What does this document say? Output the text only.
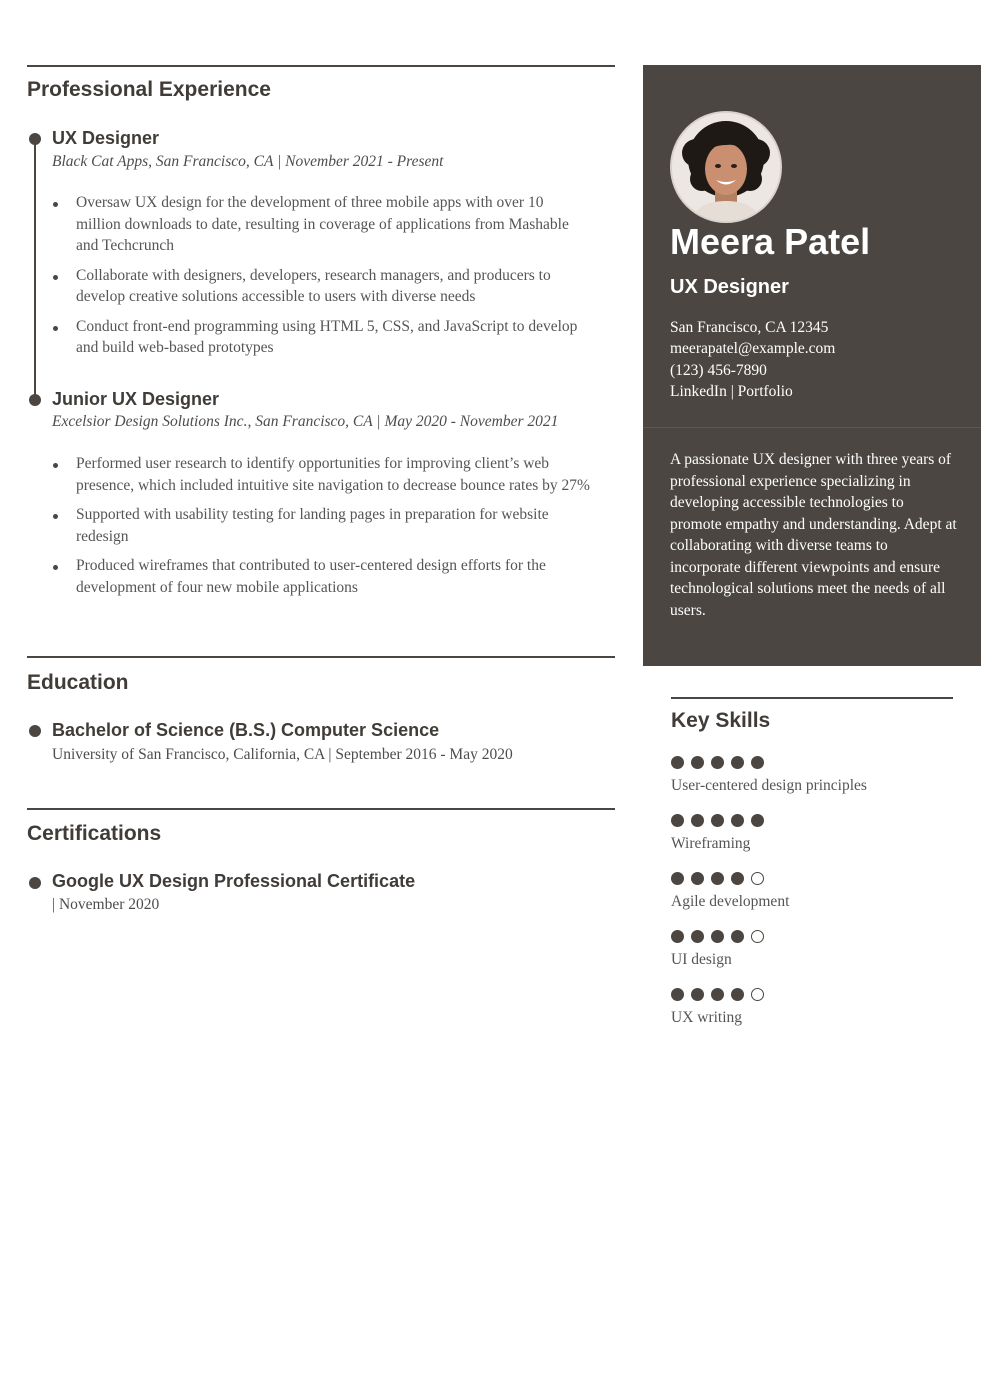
Professional Experience
UX Designer

Black Cat Apps, San Francisco, CA | November 2021 - Present

Oversaw UX design for the development of three mobile apps with over 10 million downloads to date, resulting in coverage of applications from Mashable and Techcrunch
Collaborate with designers, developers, research managers, and producers to develop creative solutions accessible to users with diverse needs
Conduct front-end programming using HTML 5, CSS, and JavaScript to develop and build web-based prototypes
Junior UX Designer

Excelsior Design Solutions Inc., San Francisco, CA | May 2020 - November 2021

Performed user research to identify opportunities for improving client’s web presence, which included intuitive site navigation to decrease bounce rates by 27%
Supported with usability testing for landing pages in preparation for website redesign
Produced wireframes that contributed to user-centered design efforts for the development of four new mobile applications
Education
Bachelor of Science (B.S.) Computer Science

University of San Francisco, California, CA | September 2016 - May 2020

Certifications
Google UX Design Professional Certificate

| November 2020

Meera Patel
UX Designer
San Francisco, CA 12345
meerapatel@example.com
(123) 456-7890
LinkedIn | Portfolio

A passionate UX designer with three years of professional experience specializing in developing accessible technologies to promote empathy and understanding. Adept at collaborating with diverse teams to incorporate different viewpoints and ensure technological solutions meet the needs of all users.

Key Skills
User-centered design principles
Wireframing
Agile development
UI design
UX writing
